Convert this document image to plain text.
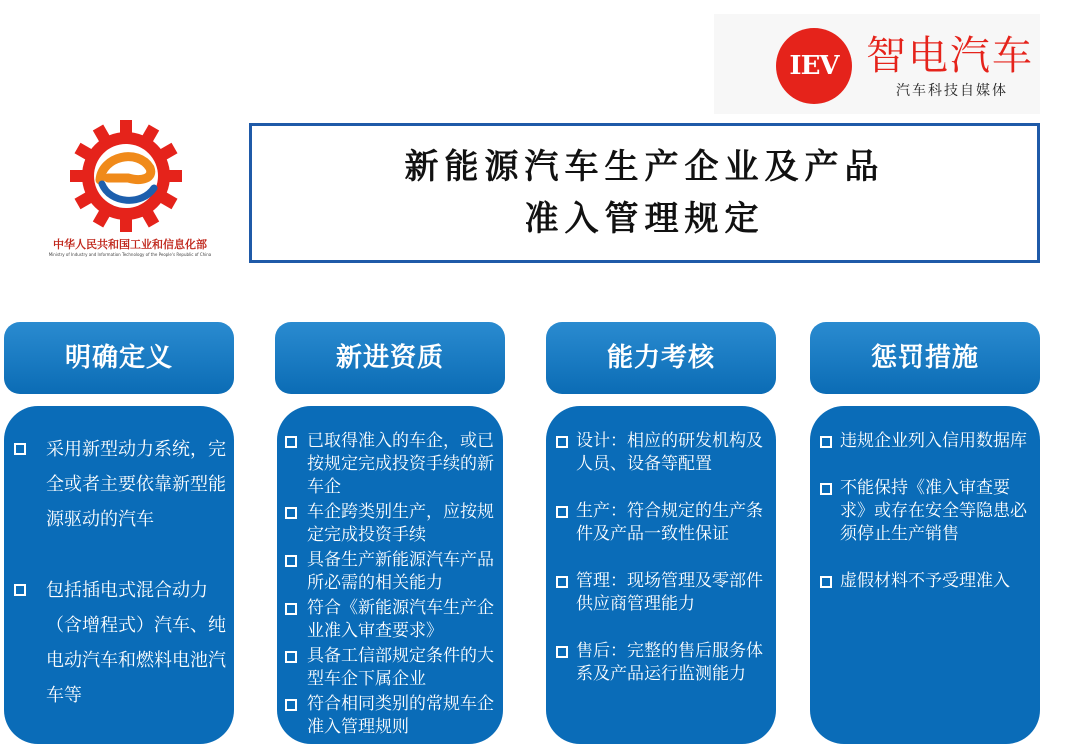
IEV 智电汽车
汽车科技自媒体
中华人民共和国工业和信息化部
Ministry of Industry and Information Technology of the People's Republic of China
新能源汽车生产企业及产品
准入管理规定
明确定义
采用新型动力系统，完全或者主要依靠新型能源驱动的汽车
包括插电式混合动力（含增程式）汽车、纯电动汽车和燃料电池汽车等
新进资质
已取得准入的车企，或已按规定完成投资手续的新车企
车企跨类别生产，应按规定完成投资手续
具备生产新能源汽车产品所必需的相关能力
符合《新能源汽车生产企业准入审查要求》
具备工信部规定条件的大型车企下属企业
符合相同类别的常规车企准入管理规则
能力考核
设计：相应的研发机构及人员、设备等配置
生产：符合规定的生产条件及产品一致性保证
管理：现场管理及零部件供应商管理能力
售后：完整的售后服务体系及产品运行监测能力
惩罚措施
违规企业列入信用数据库
不能保持《准入审查要求》或存在安全等隐患必须停止生产销售
虚假材料不予受理准入
